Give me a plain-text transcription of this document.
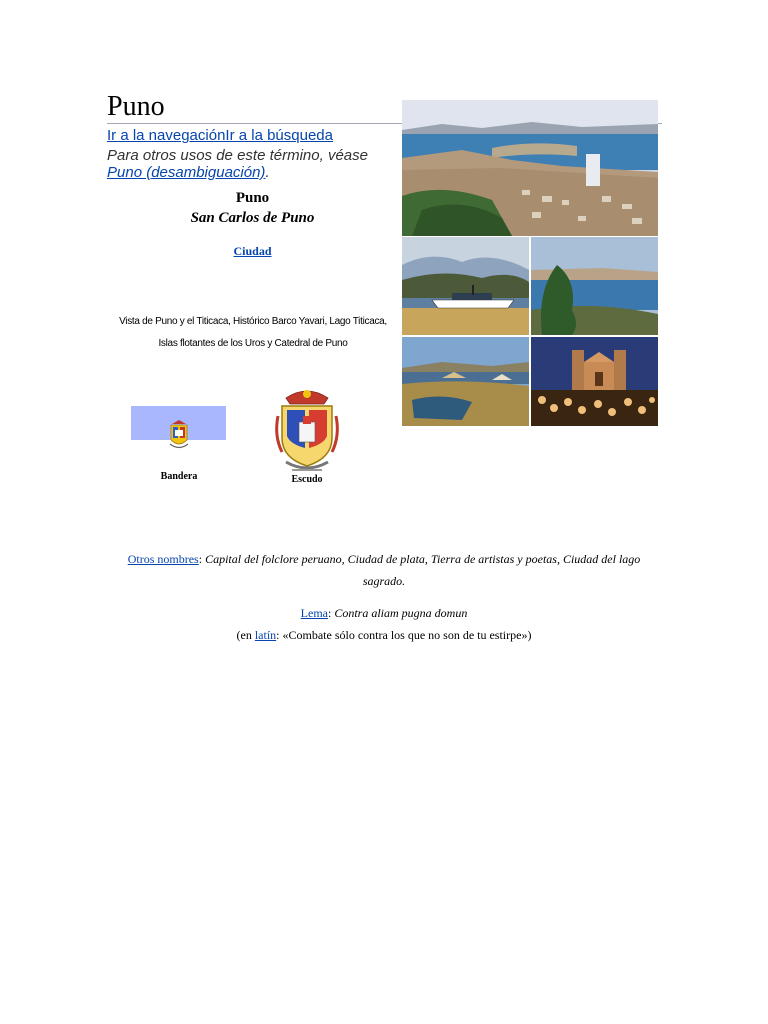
Puno
Ir a la navegaciónIr a la búsqueda
Para otros usos de este término, véase Puno (desambiguación).
Puno
San Carlos de Puno
Ciudad
Vista de Puno y el Titicaca, Histórico Barco Yavari, Lago Titicaca, Islas flotantes de los Uros y Catedral de Puno
Bandera	Escudo
Otros nombres: Capital del folclore peruano, Ciudad de plata, Tierra de artistas y poetas, Ciudad del lago sagrado.
Lema: Contra aliam pugna domun
(en latín: «Combate sólo contra los que no son de tu estirpe»)
